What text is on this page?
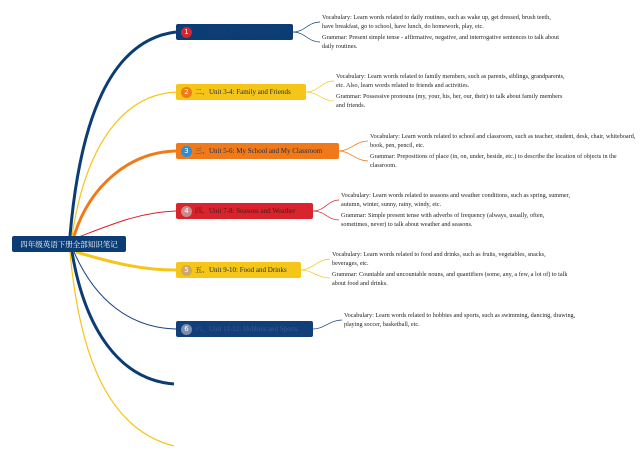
四年级英语下册全部知识笔记
1 一、Unit 1-2: Daily Routines

Vocabulary: Learn words related to daily routines, such as wake up, get dressed, brush teeth, have breakfast, go to school, have lunch, do homework, play, etc.

Grammar: Present simple tense - affirmative, negative, and interrogative sentences to talk about daily routines.

2 二、Unit 3-4: Family and Friends

Vocabulary: Learn words related to family members, such as parents, siblings, grandparents, etc. Also, learn words related to friends and activities.

Grammar: Possessive pronouns (my, your, his, her, our, their) to talk about family members and friends.

3 三、Unit 5-6: My School and My Classroom

Vocabulary: Learn words related to school and classroom, such as teacher, student, desk, chair, whiteboard, book, pen, pencil, etc.

Grammar: Prepositions of place (in, on, under, beside, etc.) to describe the location of objects in the classroom.

4 四、Unit 7-8: Seasons and Weather

Vocabulary: Learn words related to seasons and weather conditions, such as spring, summer, autumn, winter, sunny, rainy, windy, etc.

Grammar: Simple present tense with adverbs of frequency (always, usually, often, sometimes, never) to talk about weather and seasons.

5 五、Unit 9-10: Food and Drinks

Vocabulary: Learn words related to food and drinks, such as fruits, vegetables, snacks, beverages, etc.

Grammar: Countable and uncountable nouns, and quantifiers (some, any, a few, a lot of) to talk about food and drinks.

6 六、Unit 11-12: Hobbies and Sports

Vocabulary: Learn words related to hobbies and sports, such as swimming, dancing, drawing, playing soccer, basketball, etc.
